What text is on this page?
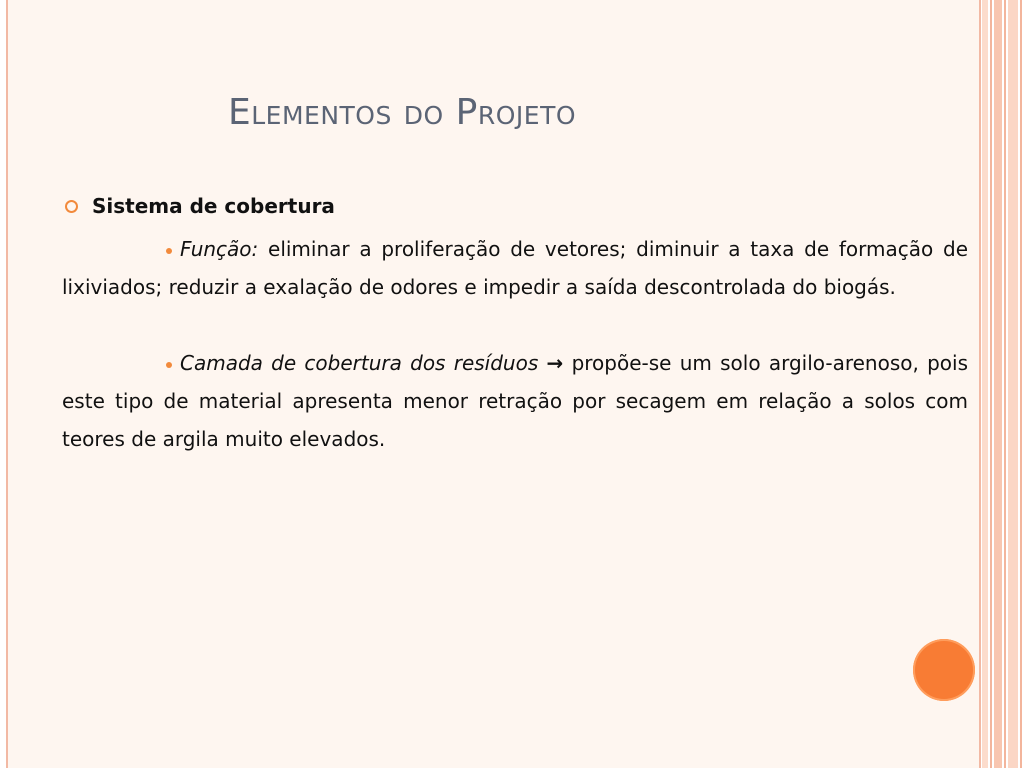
Elementos do Projeto
Sistema de cobertura

Função: eliminar a proliferação de vetores; diminuir a taxa de formação de lixiviados; reduzir a exalação de odores e impedir a saída descontrolada do biogás.

Camada de cobertura dos resíduos → propõe-se um solo argilo-arenoso, pois este tipo de material apresenta menor retração por secagem em relação a solos com teores de argila muito elevados.
